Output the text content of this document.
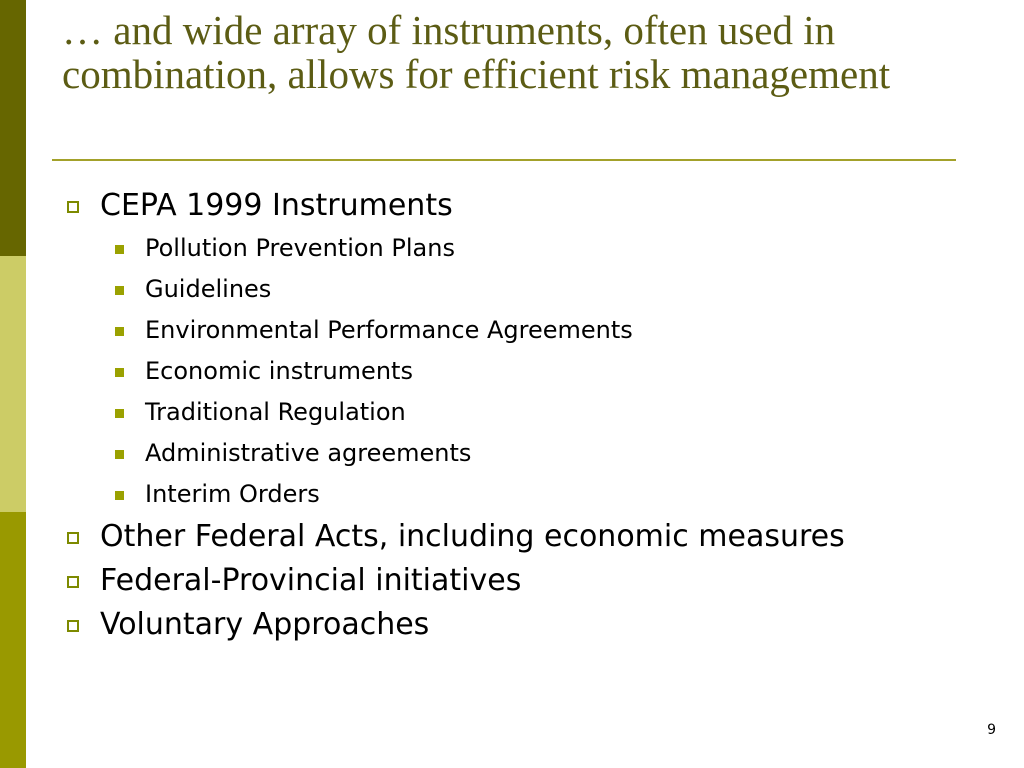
… and wide array of instruments, often used in combination, allows for efficient risk management
CEPA 1999 Instruments
Pollution Prevention Plans
Guidelines
Environmental Performance Agreements
Economic instruments
Traditional Regulation
Administrative agreements
Interim Orders
Other Federal Acts, including economic measures
Federal-Provincial initiatives
Voluntary Approaches
9
